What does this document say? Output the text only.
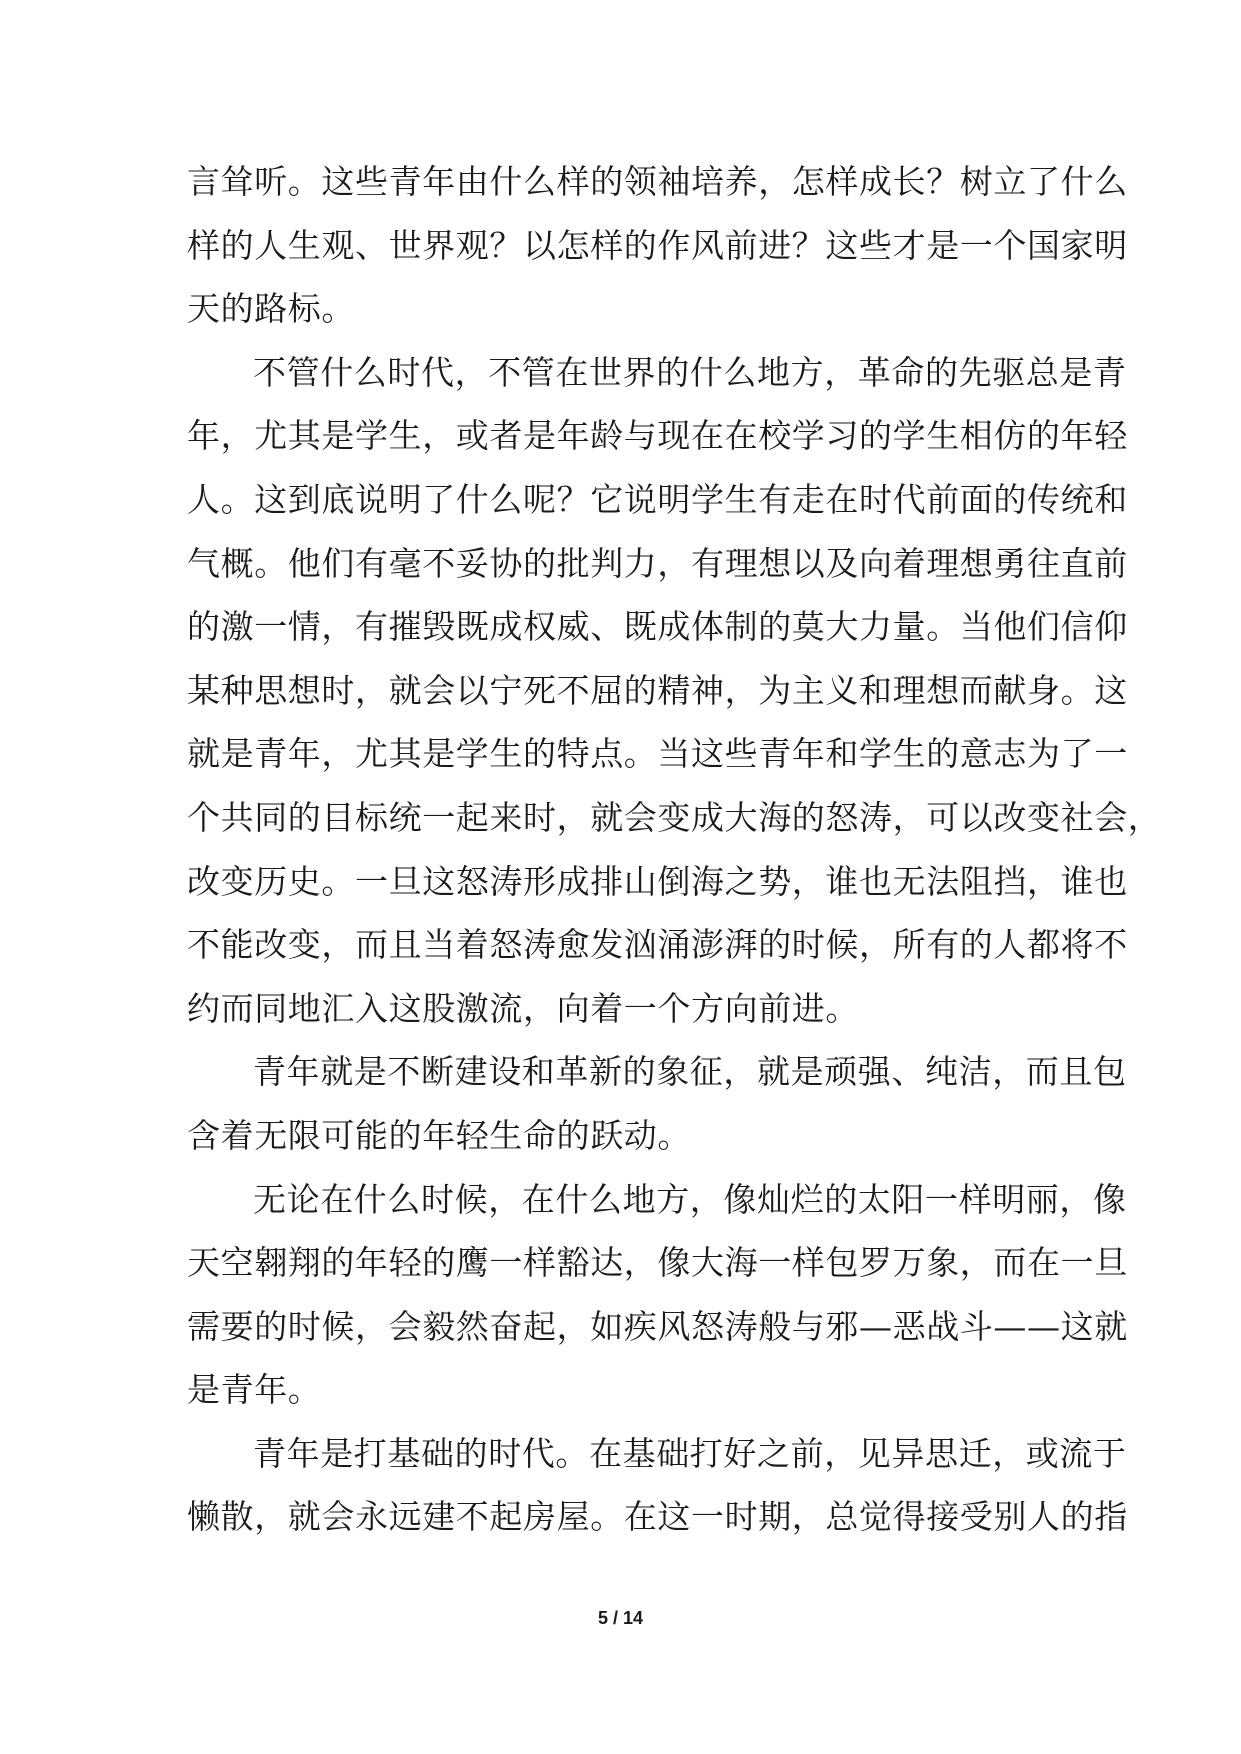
言耸听。这些青年由什么样的领袖培养，怎样成长？树立了什么
样的人生观、世界观？以怎样的作风前进？这些才是一个国家明
天的路标。

不管什么时代，不管在世界的什么地方，革命的先驱总是青
年，尤其是学生，或者是年龄与现在在校学习的学生相仿的年轻
人。这到底说明了什么呢？它说明学生有走在时代前面的传统和
气概。他们有毫不妥协的批判力，有理想以及向着理想勇往直前
的激一情，有摧毁既成权威、既成体制的莫大力量。当他们信仰
某种思想时，就会以宁死不屈的精神，为主义和理想而献身。这
就是青年，尤其是学生的特点。当这些青年和学生的意志为了一
个共同的目标统一起来时，就会变成大海的怒涛，可以改变社会，
改变历史。一旦这怒涛形成排山倒海之势，谁也无法阻挡，谁也
不能改变，而且当着怒涛愈发汹涌澎湃的时候，所有的人都将不
约而同地汇入这股激流，向着一个方向前进。

青年就是不断建设和革新的象征，就是顽强、纯洁，而且包
含着无限可能的年轻生命的跃动。

无论在什么时候，在什么地方，像灿烂的太阳一样明丽，像
天空翱翔的年轻的鹰一样豁达，像大海一样包罗万象，而在一旦
需要的时候，会毅然奋起，如疾风怒涛般与邪—恶战斗——这就
是青年。

青年是打基础的时代。在基础打好之前，见异思迁，或流于
懒散，就会永远建不起房屋。在这一时期，总觉得接受别人的指

5 / 14
